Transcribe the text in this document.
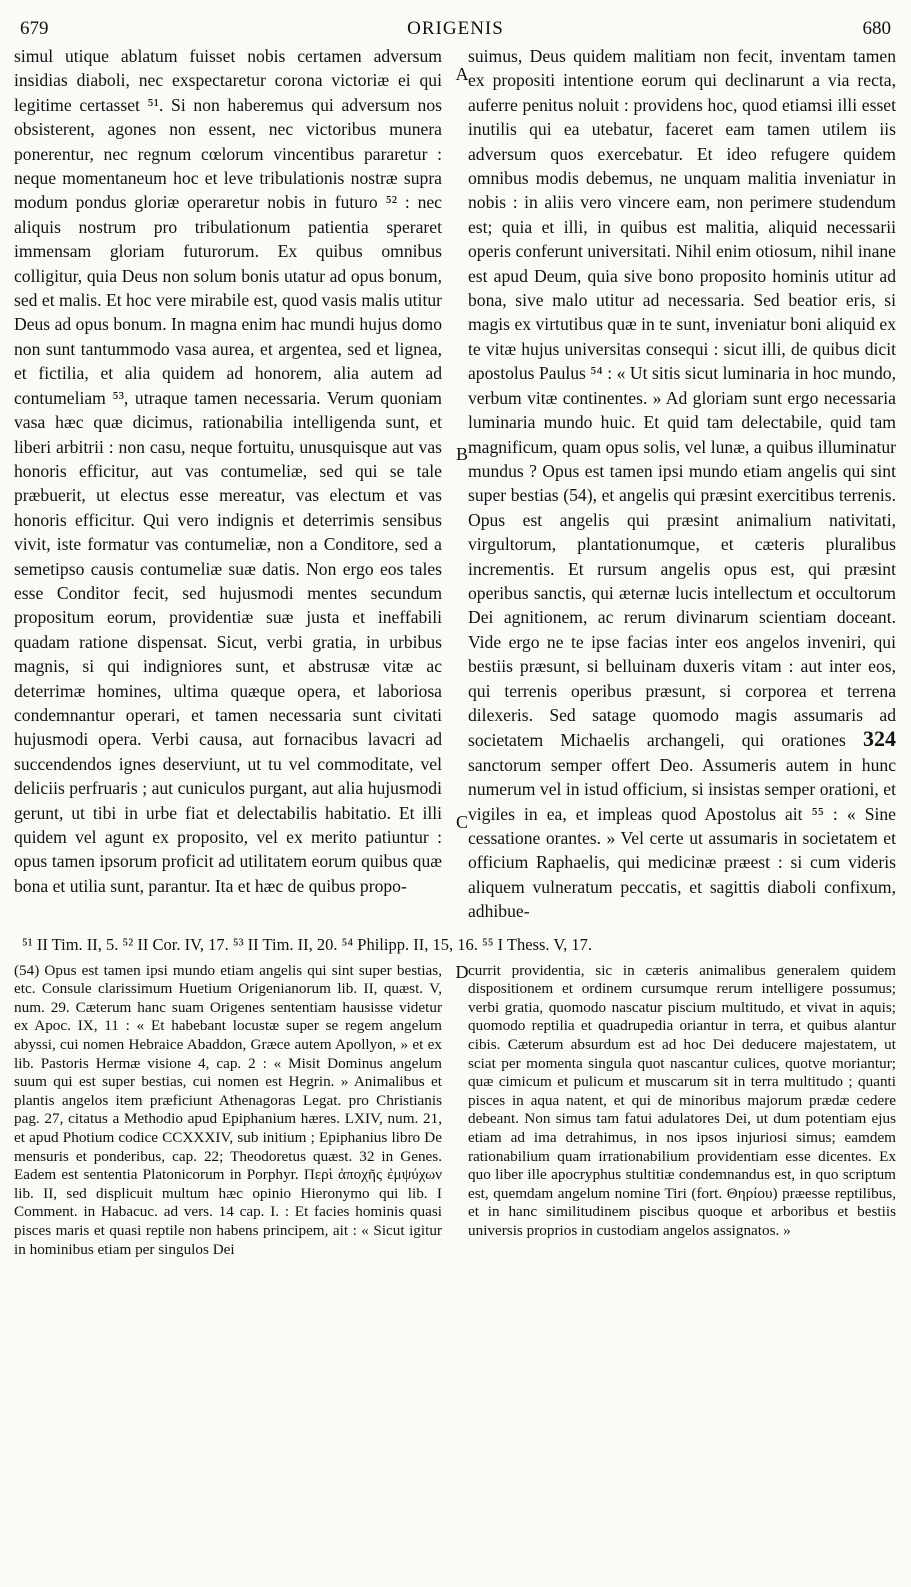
679	ORIGENIS	680

simul utique ablatum fuisset nobis certamen adversum insidias diaboli, nec exspectaretur corona victoriæ ei qui legitime certasset ⁵¹. Si non haberemus qui adversum nos obsisterent, agones non essent, nec victoribus munera ponerentur, nec regnum cœlorum vincentibus pararetur : neque momentaneum hoc et leve tribulationis nostræ supra modum pondus gloriæ operaretur nobis in futuro ⁵² : nec aliquis nostrum pro tribulationum patientia speraret immensam gloriam futurorum. Ex quibus omnibus colligitur, quia Deus non solum bonis utatur ad opus bonum, sed et malis. Et hoc vere mirabile est, quod vasis malis utitur Deus ad opus bonum. In magna enim hac mundi hujus domo non sunt tantummodo vasa aurea, et argentea, sed et lignea, et fictilia, et alia quidem ad honorem, alia autem ad contumeliam ⁵³, utraque tamen necessaria. Verum quoniam vasa hæc quæ dicimus, rationabilia intelligenda sunt, et liberi arbitrii : non casu, neque fortuitu, unusquisque aut vas honoris efficitur, aut vas contumeliæ, sed qui se tale præbuerit, ut electus esse mereatur, vas electum et vas honoris efficitur. Qui vero indignis et deterrimis sensibus vivit, iste formatur vas contumeliæ, non a Conditore, sed a semetipso causis contumeliæ suæ datis. Non ergo eos tales esse Conditor fecit, sed hujusmodi mentes secundum propositum eorum, providentiæ suæ justa et ineffabili quadam ratione dispensat. Sicut, verbi gratia, in urbibus magnis, si qui indigniores sunt, et abstrusæ vitæ ac deterrimæ homines, ultima quæque opera, et laboriosa condemnantur operari, et tamen necessaria sunt civitati hujusmodi opera. Verbi causa, aut fornacibus lavacri ad succendendos ignes deserviunt, ut tu vel commoditate, vel deliciis perfruaris ; aut cuniculos purgant, aut alia hujusmodi gerunt, ut tibi in urbe fiat et delectabilis habitatio. Et illi quidem vel agunt ex proposito, vel ex merito patiuntur : opus tamen ipsorum proficit ad utilitatem eorum quibus quæ bona et utilia sunt, parantur. Ita et hæc de quibus propo-

suimus, Deus quidem malitiam non fecit, inventam tamen ex propositi intentione eorum qui declinarunt a via recta, auferre penitus noluit : providens hoc, quod etiamsi illi esset inutilis qui ea utebatur, faceret eam tamen utilem iis adversum quos exercebatur. Et ideo refugere quidem omnibus modis debemus, ne unquam malitia inveniatur in nobis : in aliis vero vincere eam, non perimere studendum est; quia et illi, in quibus est malitia, aliquid necessarii operis conferunt universitati. Nihil enim otiosum, nihil inane est apud Deum, quia sive bono proposito hominis utitur ad bona, sive malo utitur ad necessaria. Sed beatior eris, si magis ex virtutibus quæ in te sunt, inveniatur boni aliquid ex te vitæ hujus universitas consequi : sicut illi, de quibus dicit apostolus Paulus ⁵⁴ : « Ut sitis sicut luminaria in hoc mundo, verbum vitæ continentes. » Ad gloriam sunt ergo necessaria luminaria mundo huic. Et quid tam delectabile, quid tam magnificum, quam opus solis, vel lunæ, a quibus illuminatur mundus ? Opus est tamen ipsi mundo etiam angelis qui sint super bestias (54), et angelis qui præsint exercitibus terrenis. Opus est angelis qui præsint animalium nativitati, virgultorum, plantationumque, et cæteris pluralibus incrementis. Et rursum angelis opus est, qui præsint operibus sanctis, qui æternæ lucis intellectum et occultorum Dei agnitionem, ac rerum divinarum scientiam doceant. Vide ergo ne te ipse facias inter eos angelos inveniri, qui bestiis præsunt, si belluinam duxeris vitam : aut inter eos, qui terrenis operibus præsunt, si corporea et terrena dilexeris. Sed satage quomodo magis assumaris ad societatem Michaelis archangeli, qui orationes 324 sanctorum semper offert Deo. Assumeris autem in hunc numerum vel in istud officium, si insistas semper orationi, et vigiles in ea, et impleas quod Apostolus ait ⁵⁵ : « Sine cessatione orantes. » Vel certe ut assumaris in societatem et officium Raphaelis, qui medicinæ præest : si cum videris aliquem vulneratum peccatis, et sagittis diaboli confixum, adhibue-

A
B
C
⁵¹ II Tim. II, 5. ⁵² II Cor. IV, 17. ⁵³ II Tim. II, 20. ⁵⁴ Philipp. II, 15, 16. ⁵⁵ I Thess. V, 17.

(54) Opus est tamen ipsi mundo etiam angelis qui sint super bestias, etc. Consule clarissimum Huetium Origenianorum lib. II, quæst. V, num. 29. Cæterum hanc suam Origenes sententiam hausisse videtur ex Apoc. IX, 11 : « Et habebant locustæ super se regem angelum abyssi, cui nomen Hebraice Abaddon, Græce autem Apollyon, » et ex lib. Pastoris Hermæ visione 4, cap. 2 : « Misit Dominus angelum suum qui est super bestias, cui nomen est Hegrin. » Animalibus et plantis angelos item præficiunt Athenagoras Legat. pro Christianis pag. 27, citatus a Methodio apud Epiphanium hæres. LXIV, num. 21, et apud Photium codice CCXXXIV, sub initium ; Epiphanius libro De mensuris et ponderibus, cap. 22; Theodoretus quæst. 32 in Genes. Eadem est sententia Platonicorum in Porphyr. Περὶ ἀποχῆς ἐμψύχων lib. II, sed displicuit multum hæc opinio Hieronymo qui lib. I Comment. in Habacuc. ad vers. 14 cap. I. : Et facies hominis quasi pisces maris et quasi reptile non habens principem, ait : « Sicut igitur in hominibus etiam per singulos Dei

currit providentia, sic in cæteris animalibus generalem quidem dispositionem et ordinem cursumque rerum intelligere possumus; verbi gratia, quomodo nascatur piscium multitudo, et vivat in aquis; quomodo reptilia et quadrupedia oriantur in terra, et quibus alantur cibis. Cæterum absurdum est ad hoc Dei deducere majestatem, ut sciat per momenta singula quot nascantur culices, quotve moriantur; quæ cimicum et pulicum et muscarum sit in terra multitudo ; quanti pisces in aqua natent, et qui de minoribus majorum prædæ cedere debeant. Non simus tam fatui adulatores Dei, ut dum potentiam ejus etiam ad ima detrahimus, in nos ipsos injuriosi simus; eamdem rationabilium quam irrationabilium providentiam esse dicentes. Ex quo liber ille apocryphus stultitiæ condemnandus est, in quo scriptum est, quemdam angelum nomine Tiri (fort. Θηρίου) præesse reptilibus, et in hanc similitudinem piscibus quoque et arboribus et bestiis universis proprios in custodiam angelos assignatos. »

D
